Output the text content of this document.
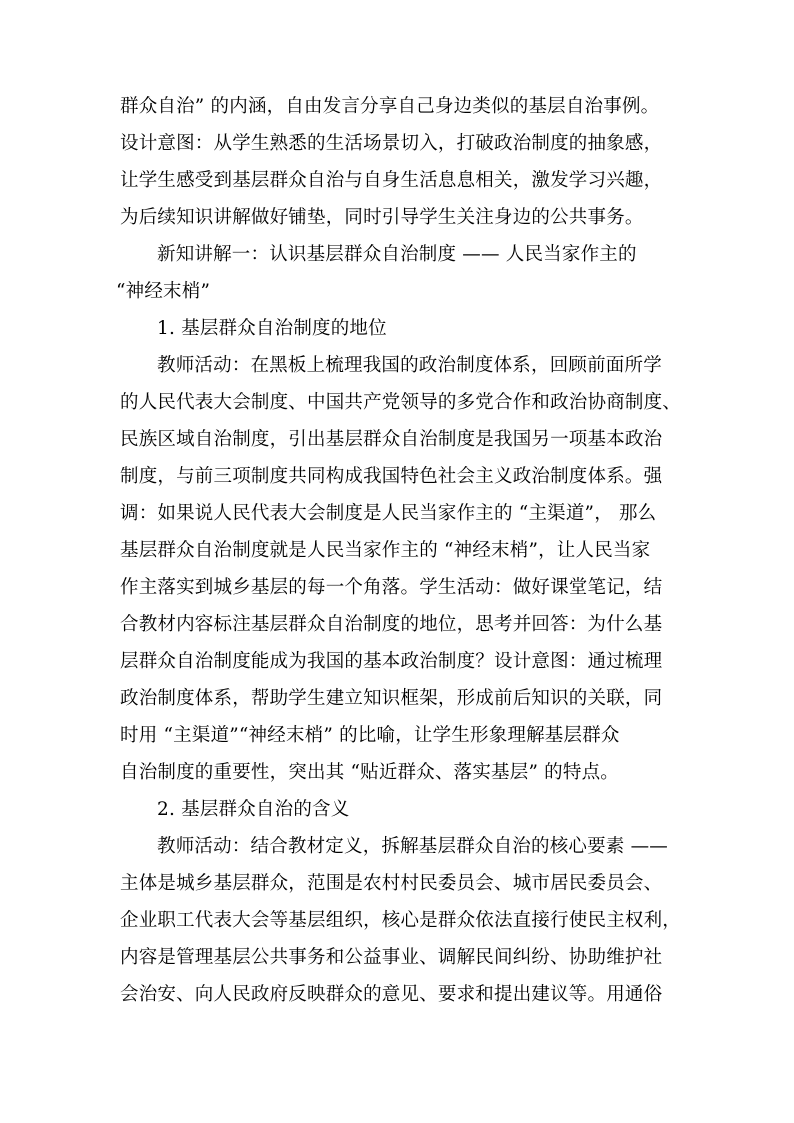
群众自治” 的内涵，自由发言分享自己身边类似的基层自治事例。
设计意图：从学生熟悉的生活场景切入，打破政治制度的抽象感，
让学生感受到基层群众自治与自身生活息息相关，激发学习兴趣，
为后续知识讲解做好铺垫，同时引导学生关注身边的公共事务。
新知讲解一：认识基层群众自治制度 —— 人民当家作主的
“神经末梢”
1. 基层群众自治制度的地位
教师活动：在黑板上梳理我国的政治制度体系，回顾前面所学
的人民代表大会制度、中国共产党领导的多党合作和政治协商制度、
民族区域自治制度，引出基层群众自治制度是我国另一项基本政治
制度，与前三项制度共同构成我国特色社会主义政治制度体系。强
调：如果说人民代表大会制度是人民当家作主的 “主渠道”， 那么
基层群众自治制度就是人民当家作主的 “神经末梢”，让人民当家
作主落实到城乡基层的每一个角落。学生活动：做好课堂笔记，结
合教材内容标注基层群众自治制度的地位，思考并回答：为什么基
层群众自治制度能成为我国的基本政治制度？设计意图：通过梳理
政治制度体系，帮助学生建立知识框架，形成前后知识的关联，同
时用 “主渠道”“神经末梢” 的比喻，让学生形象理解基层群众
自治制度的重要性，突出其 “贴近群众、落实基层” 的特点。
2. 基层群众自治的含义
教师活动：结合教材定义，拆解基层群众自治的核心要素 ——
主体是城乡基层群众，范围是农村村民委员会、城市居民委员会、
企业职工代表大会等基层组织，核心是群众依法直接行使民主权利，
内容是管理基层公共事务和公益事业、调解民间纠纷、协助维护社
会治安、向人民政府反映群众的意见、要求和提出建议等。用通俗
